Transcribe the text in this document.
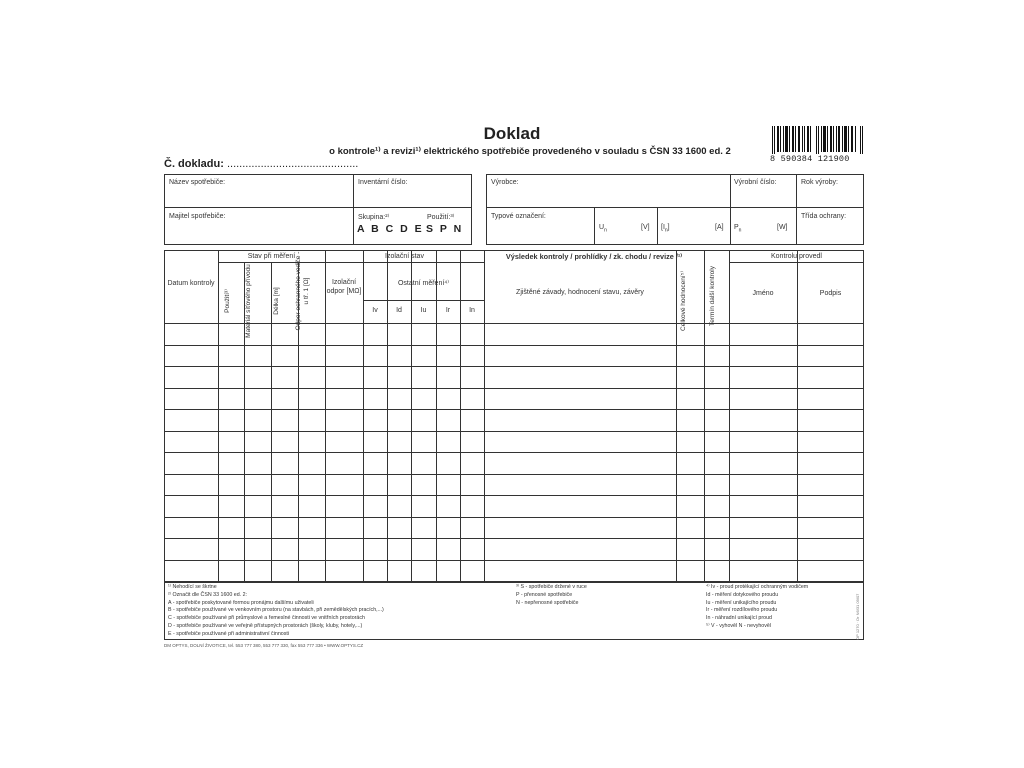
Doklad
o kontrole¹⁾ a revizi¹⁾ elektrického spotřebiče provedeného v souladu s ČSN 33 1600 ed. 2
Č. dokladu: ...........................................	8 590384 121900
Název spotřebiče:	Inventární číslo:
Majitel spotřebiče:	Skupina:²⁾	Použití:³⁾
A B C D E S P N
Výrobce:	Výrobní číslo:	Rok výroby:
Typové označení:
$U_n$	[V] $[I_n]$	[A] $P_n$	[W]
Třída ochrany:
Datum kontroly
Stav při měření
Použití³⁾	Materiál síťového přívodu	Délka [m]	Odpor ochranného vodiče - u tř. 1 [Ω]
Izolační stav
Izolační odpor [MΩ]
Ostatní měření⁴⁾
Iv	Id	Iu	Ir	In
Výsledek kontroly / prohlídky / zk. chodu / revize /¹⁾
Zjištěné závady, hodnocení stavu, závěry	Celkové hodnocení⁵⁾	Termín další kontroly
Kontrolu provedl
Jméno	Podpis
¹⁾ Nehodící se škrtne
²⁾ Označit dle ČSN 33 1600 ed. 2:
A - spotřebiče poskytované formou pronájmu dalšímu uživateli
B - spotřebiče používané ve venkovním prostoru (na stavbách, při zemědělských pracích,...)
C - spotřebiče používané při průmyslové a řemeslné činnosti ve vnitřních prostorách
D - spotřebiče používané ve veřejně přístupných prostorách (školy, kluby, hotely,...)
E - spotřebiče používané při administrativní činnosti
³⁾ S - spotřebiče držené v ruce
P - přenosné spotřebiče
N - nepřenosné spotřebiče
⁴⁾ Iv - proud protékající ochranným vodičem
Id - měření dotykového proudu
Iu - měření unikajícího proudu
Ir - měření rozdílového proudu
In - náhradní unikající proud
⁵⁾ V - vyhověl N - nevyhověl
DM OPTYS, DOLNÍ ŽIVOTICE, tel. 553 777 380, 553 777 330, fax 553 777 336 • WWW.OPTYS.CZ
OP 1270 · Dr N6/31 09/07
